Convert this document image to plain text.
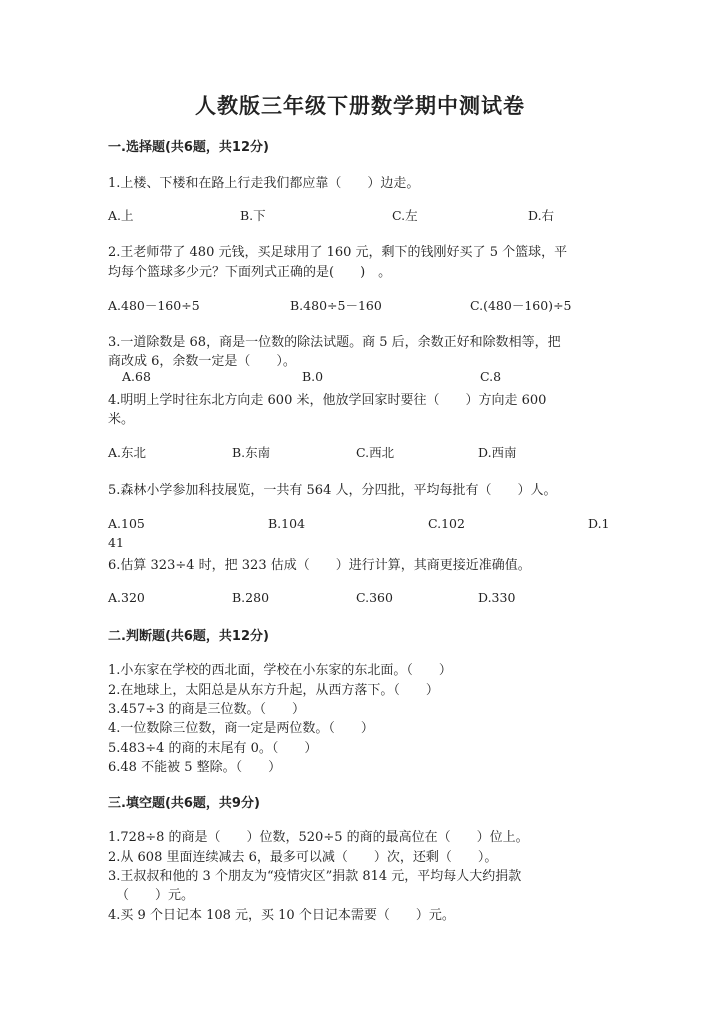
人教版三年级下册数学期中测试卷
一.选择题(共6题，共12分)
1.上楼、下楼和在路上行走我们都应靠（　　）边走。
A.上	B.下	C.左	D.右
2.王老师带了 480 元钱，买足球用了 160 元，剩下的钱刚好买了 5 个篮球，平
均每个篮球多少元？下面列式正确的是(　　)　。
A.480－160÷5	B.480÷5－160	C.(480－160)÷5
3.一道除数是 68，商是一位数的除法试题。商 5 后，余数正好和除数相等，把
商改成 6，余数一定是（　　）。
A.68	B.0	C.8
4.明明上学时往东北方向走 600 米，他放学回家时要往（　　）方向走 600
米。
A.东北	B.东南	C.西北	D.西南
5.森林小学参加科技展览，一共有 564 人，分四批，平均每批有（　　）人。
A.105	B.104	C.102	D.1
41
6.估算 323÷4 时，把 323 估成（　　）进行计算，其商更接近准确值。
A.320	B.280	C.360	D.330
二.判断题(共6题，共12分)
1.小东家在学校的西北面，学校在小东家的东北面。（　　）
2.在地球上，太阳总是从东方升起，从西方落下。（　　）
3.457÷3 的商是三位数。（　　）
4.一位数除三位数，商一定是两位数。（　　）
5.483÷4 的商的末尾有 0。（　　）
6.48 不能被 5 整除。（　　）
三.填空题(共6题，共9分)
1.728÷8 的商是（　　）位数，520÷5 的商的最高位在（　　）位上。
2.从 608 里面连续减去 6，最多可以减（　　）次，还剩（　　）。
3.王叔叔和他的 3 个朋友为“疫情灾区”捐款 814 元，平均每人大约捐款
（　　）元。
4.买 9 个日记本 108 元，买 10 个日记本需要（　　）元。
